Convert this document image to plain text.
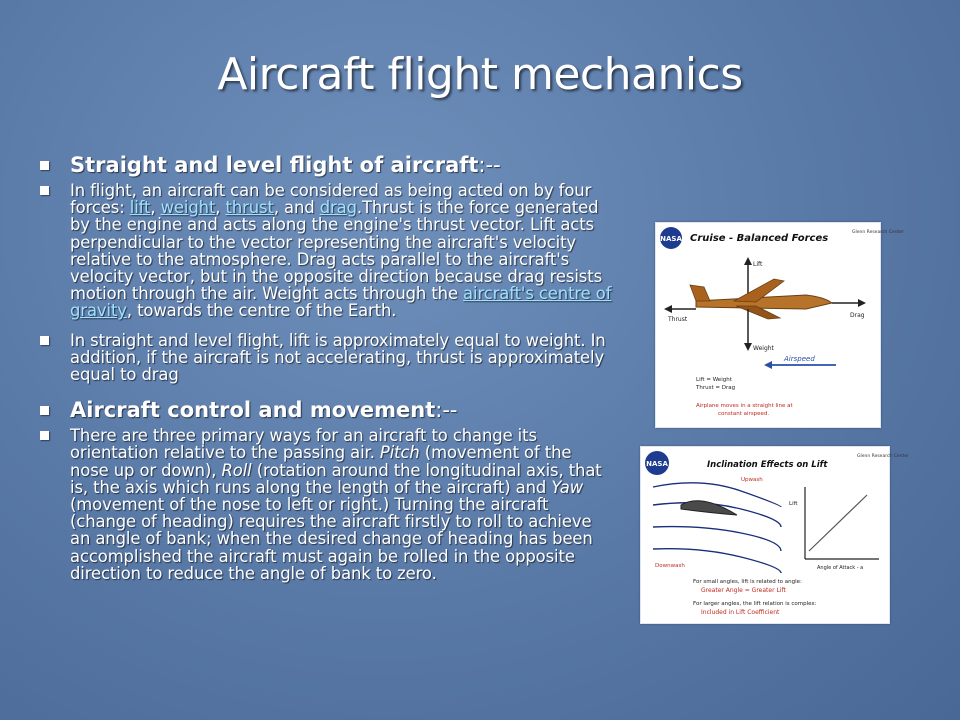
Aircraft flight mechanics
Straight and level flight of aircraft:--
In flight, an aircraft can be considered as being acted on by four forces: lift, weight, thrust, and drag.Thrust is the force generated by the engine and acts along the engine's thrust vector. Lift acts perpendicular to the vector representing the aircraft's velocity relative to the atmosphere. Drag acts parallel to the aircraft's velocity vector, but in the opposite direction because drag resists motion through the air. Weight acts through the aircraft's centre of gravity, towards the centre of the Earth.
In straight and level flight, lift is approximately equal to weight. In addition, if the aircraft is not accelerating, thrust is approximately equal to drag
Aircraft control and movement:--
There are three primary ways for an aircraft to change its orientation relative to the passing air. Pitch (movement of the nose up or down), Roll (rotation around the longitudinal axis, that is, the axis which runs along the length of the aircraft) and Yaw (movement of the nose to left or right.) Turning the aircraft (change of heading) requires the aircraft firstly to roll to achieve an angle of bank; when the desired change of heading has been accomplished the aircraft must again be rolled in the opposite direction to reduce the angle of bank to zero.
NASA Cruise - Balanced Forces
Glenn Research Center
Lift
Thrust
Drag
Weight
Airspeed
Lift = Weight
Thrust = Drag
Airplane moves in a straight line at
constant airspeed.
NASA	Inclination Effects on Lift
Glenn Research Center
Upwash
Downwash
Lift
Angle of Attack - a
For small angles, lift is related to angle:
Greater Angle = Greater Lift
For larger angles, the lift relation is complex:
Included in Lift Coefficient
